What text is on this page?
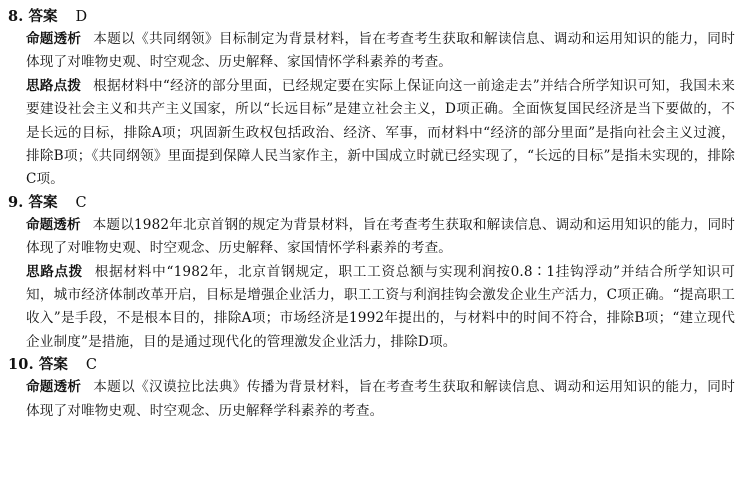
8. 答案 D

命题透析 本题以《共同纲领》目标制定为背景材料，旨在考查考生获取和解读信息、调动和运用知识的能力，同时体现了对唯物史观、时空观念、历史解释、家国情怀学科素养的考查。

思路点拨 根据材料中“经济的部分里面，已经规定要在实际上保证向这一前途走去”并结合所学知识可知，我国未来要建设社会主义和共产主义国家，所以“长远目标”是建立社会主义，D项正确。全面恢复国民经济是当下要做的，不是长远的目标，排除A项；巩固新生政权包括政治、经济、军事，而材料中“经济的部分里面”是指向社会主义过渡，排除B项；《共同纲领》里面提到保障人民当家作主，新中国成立时就已经实现了，“长远的目标”是指未实现的，排除C项。

9. 答案 C

命题透析 本题以1982年北京首钢的规定为背景材料，旨在考查考生获取和解读信息、调动和运用知识的能力，同时体现了对唯物史观、时空观念、历史解释、家国情怀学科素养的考查。

思路点拨 根据材料中“1982年，北京首钢规定，职工工资总额与实现利润按0.8∶1挂钩浮动”并结合所学知识可知，城市经济体制改革开启，目标是增强企业活力，职工工资与利润挂钩会激发企业生产活力，C项正确。“提高职工收入”是手段，不是根本目的，排除A项；市场经济是1992年提出的，与材料中的时间不符合，排除B项；“建立现代企业制度”是措施，目的是通过现代化的管理激发企业活力，排除D项。

10. 答案 C

命题透析 本题以《汉谟拉比法典》传播为背景材料，旨在考查考生获取和解读信息、调动和运用知识的能力，同时体现了对唯物史观、时空观念、历史解释学科素养的考查。
